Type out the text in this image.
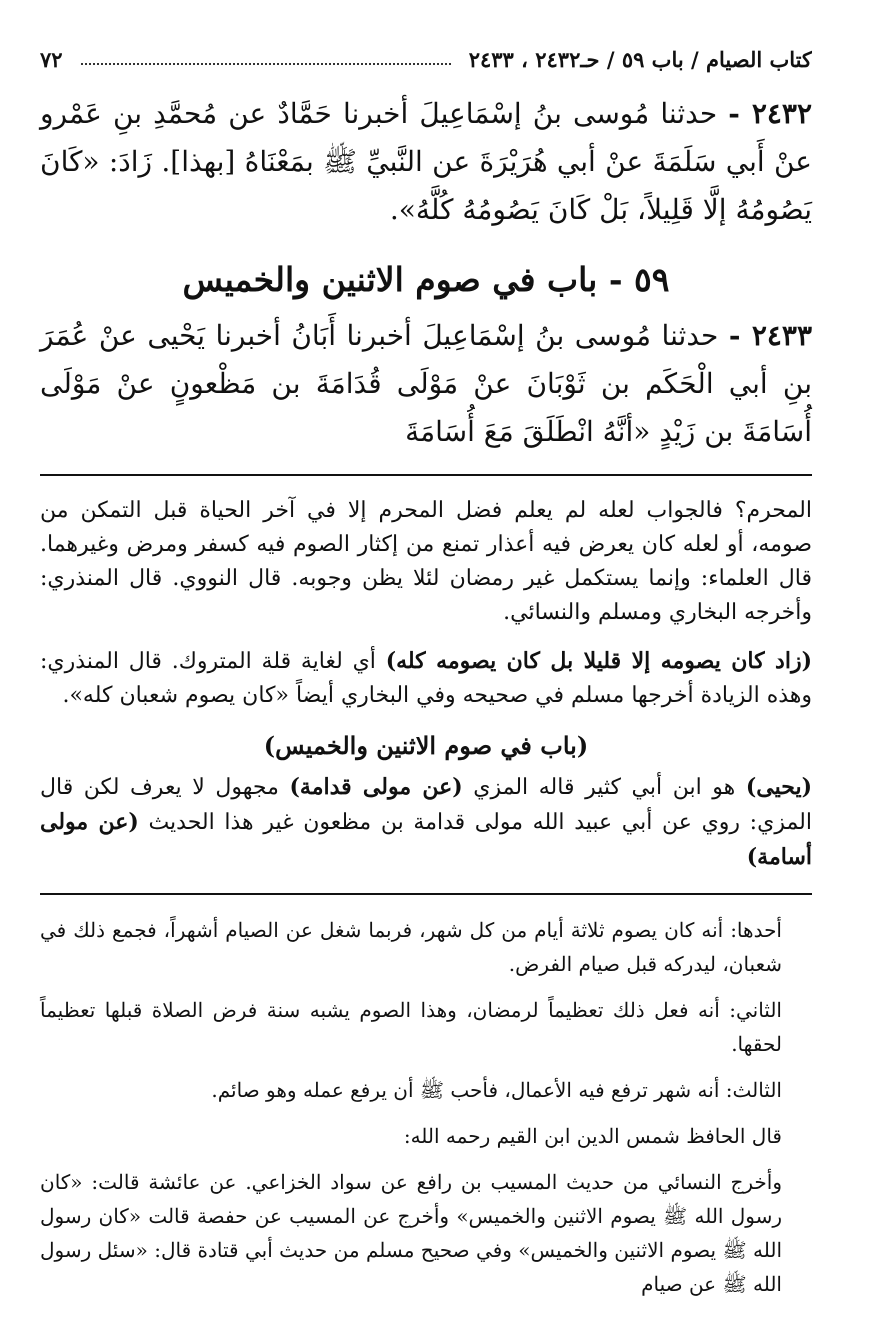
كتاب الصيام / باب ٥٩ / حـ٢٤٣٢ ، ٢٤٣٣
٧٢
٢٤٣٢ - حدثنا مُوسى بنُ إسْمَاعِيلَ أخبرنا حَمَّادٌ عن مُحمَّدِ بنِ عَمْرو عنْ أَبي سَلَمَةَ عنْ أبي هُرَيْرَةَ عن النَّبيِّ ﷺ بمَعْنَاهُ [بهذا]. زَادَ: «كَانَ يَصُومُهُ إلَّا قَلِيلاً، بَلْ كَانَ يَصُومُهُ كُلَّهُ».
٥٩ - باب في صوم الاثنين والخميس
٢٤٣٣ - حدثنا مُوسى بنُ إسْمَاعِيلَ أخبرنا أَبَانُ أخبرنا يَحْيى عنْ عُمَرَ بنِ أبي الْحَكَم بن ثَوْبَانَ عنْ مَوْلَى قُدَامَةَ بن مَظْعونٍ عنْ مَوْلَى أُسَامَةَ بن زَيْدٍ «أنَّهُ انْطَلَقَ مَعَ أُسَامَةَ

المحرم؟ فالجواب لعله لم يعلم فضل المحرم إلا في آخر الحياة قبل التمكن من صومه، أو لعله كان يعرض فيه أعذار تمنع من إكثار الصوم فيه كسفر ومرض وغيرهما. قال العلماء: وإنما يستكمل غير رمضان لئلا يظن وجوبه. قال النووي. قال المنذري: وأخرجه البخاري ومسلم والنسائي.

(زاد كان يصومه إلا قليلا بل كان يصومه كله) أي لغاية قلة المتروك. قال المنذري: وهذه الزيادة أخرجها مسلم في صحيحه وفي البخاري أيضاً «كان يصوم شعبان كله».

(باب في صوم الاثنين والخميس)

(يحيى) هو ابن أبي كثير قاله المزي (عن مولى قدامة) مجهول لا يعرف لكن قال المزي: روي عن أبي عبيد الله مولى قدامة بن مظعون غير هذا الحديث (عن مولى أسامة)

أحدها: أنه كان يصوم ثلاثة أيام من كل شهر، فربما شغل عن الصيام أشهراً، فجمع ذلك في شعبان، ليدركه قبل صيام الفرض.

الثاني: أنه فعل ذلك تعظيماً لرمضان، وهذا الصوم يشبه سنة فرض الصلاة قبلها تعظيماً لحقها.

الثالث: أنه شهر ترفع فيه الأعمال، فأحب ﷺ أن يرفع عمله وهو صائم.

قال الحافظ شمس الدين ابن القيم رحمه الله:

وأخرج النسائي من حديث المسيب بن رافع عن سواد الخزاعي. عن عائشة قالت: «كان رسول الله ﷺ يصوم الاثنين والخميس» وأخرج عن المسيب عن حفصة قالت «كان رسول الله ﷺ يصوم الاثنين والخميس» وفي صحيح مسلم من حديث أبي قتادة قال: «سئل رسول الله ﷺ عن صيام
